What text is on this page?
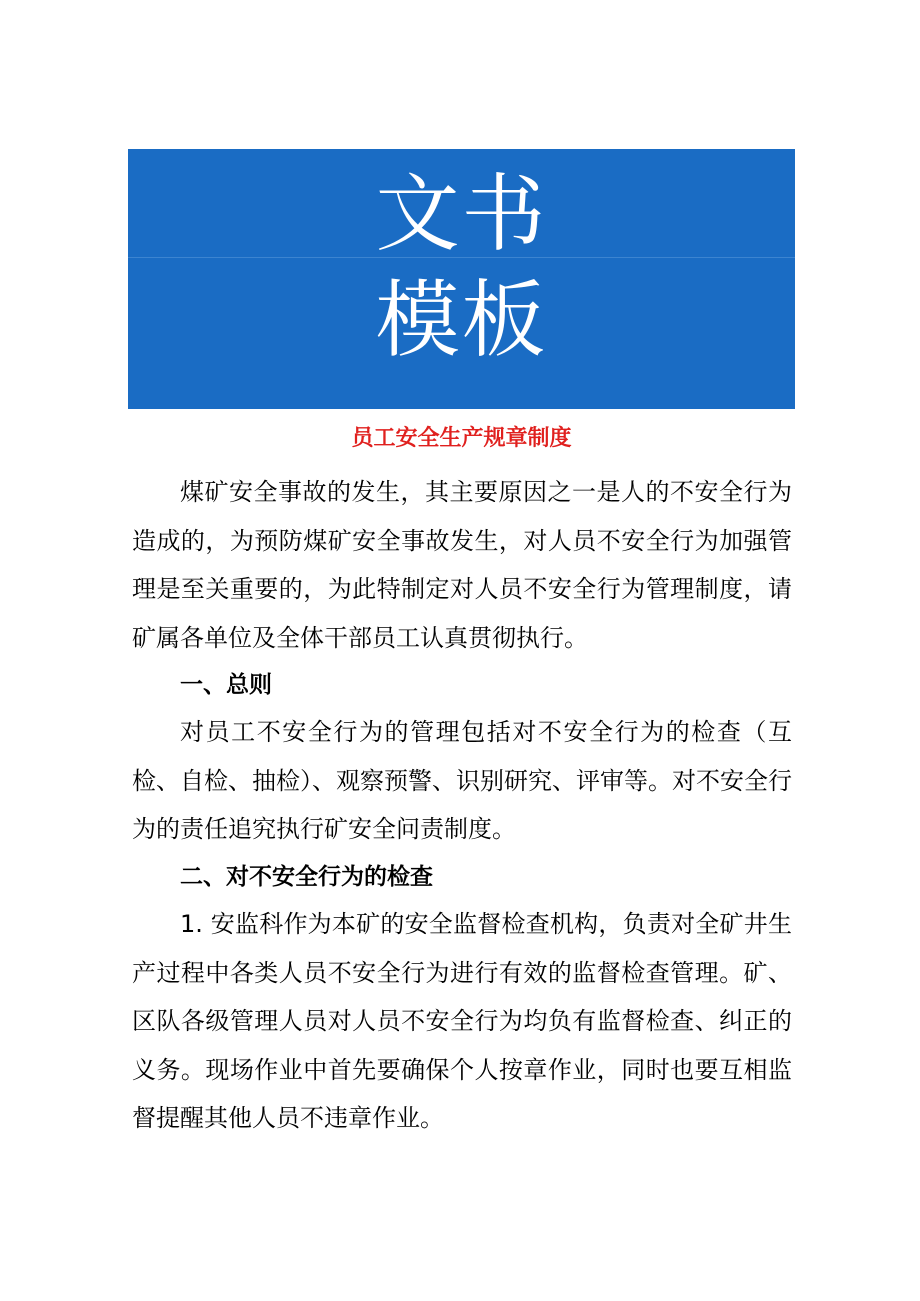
文书
模板
员工安全生产规章制度
煤矿安全事故的发生，其主要原因之一是人的不安全行为造成的，为预防煤矿安全事故发生，对人员不安全行为加强管理是至关重要的，为此特制定对人员不安全行为管理制度，请矿属各单位及全体干部员工认真贯彻执行。
一、总则
对员工不安全行为的管理包括对不安全行为的检查（互检、自检、抽检）、观察预警、识别研究、评审等。对不安全行为的责任追究执行矿安全问责制度。
二、对不安全行为的检查
1. 安监科作为本矿的安全监督检查机构，负责对全矿井生产过程中各类人员不安全行为进行有效的监督检查管理。矿、区队各级管理人员对人员不安全行为均负有监督检查、纠正的义务。现场作业中首先要确保个人按章作业，同时也要互相监督提醒其他人员不违章作业。
